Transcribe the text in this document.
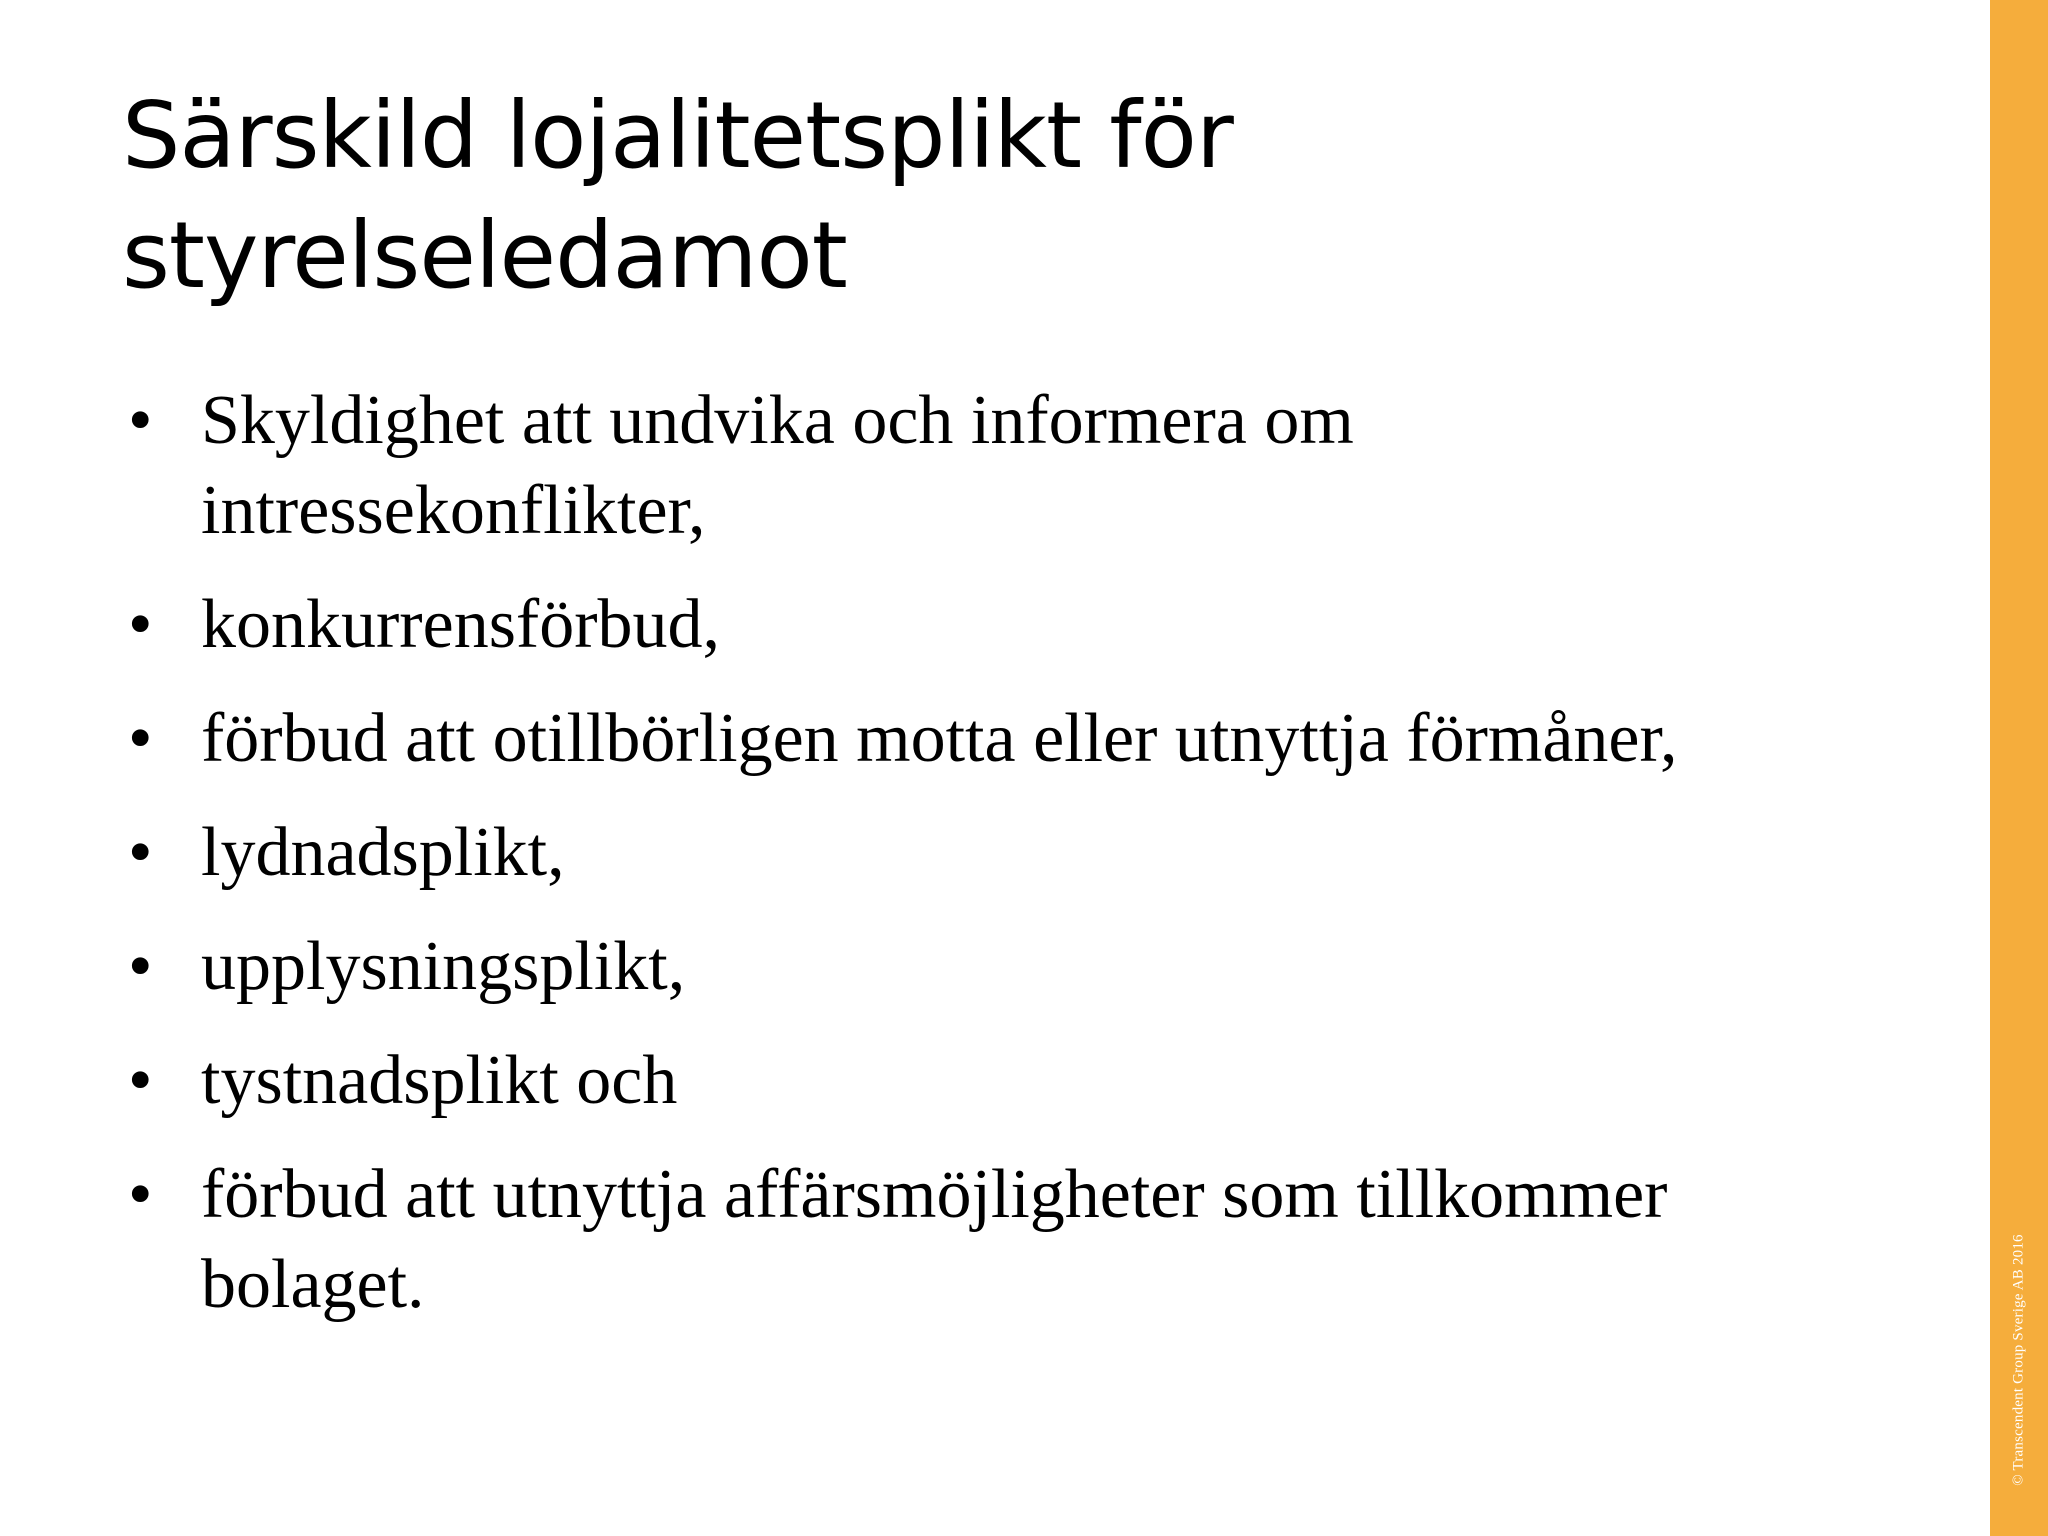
Särskild lojalitetsplikt för
styrelseledamot
• Skyldighet att undvika och informera om intressekonflikter,
• konkurrensförbud,
• förbud att otillbörligen motta eller utnyttja förmåner,
• lydnadsplikt,
• upplysningsplikt,
• tystnadsplikt och
• förbud att utnyttja affärsmöjligheter som tillkommer bolaget.	© Transcendent Group Sverige AB 2016
